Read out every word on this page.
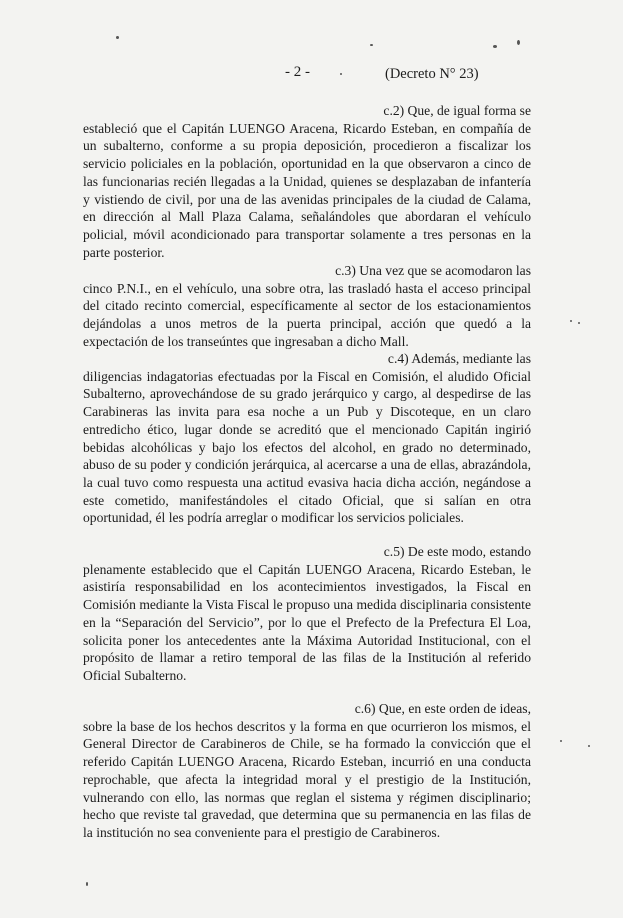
- 2 -	(Decreto N° 23)

c.2) Que, de igual forma se
estableció que el Capitán LUENGO Aracena, Ricardo Esteban, en compañía de un subalterno, conforme a su propia deposición, procedieron a fiscalizar los servicio policiales en la población, oportunidad en la que observaron a cinco de las funcionarias recién llegadas a la Unidad, quienes se desplazaban de infantería y vistiendo de civil, por una de las avenidas principales de la ciudad de Calama, en dirección al Mall Plaza Calama, señalándoles que abordaran el vehículo policial, móvil acondicionado para transportar solamente a tres personas en la parte posterior.

c.3) Una vez que se acomodaron las
cinco P.N.I., en el vehículo, una sobre otra, las trasladó hasta el acceso principal del citado recinto comercial, específicamente al sector de los estacionamientos dejándolas a unos metros de la puerta principal, acción que quedó a la expectación de los transeúntes que ingresaban a dicho Mall.

c.4) Además, mediante las
diligencias indagatorias efectuadas por la Fiscal en Comisión, el aludido Oficial Subalterno, aprovechándose de su grado jerárquico y cargo, al despedirse de las Carabineras las invita para esa noche a un Pub y Discoteque, en un claro entredicho ético, lugar donde se acreditó que el mencionado Capitán ingirió bebidas alcohólicas y bajo los efectos del alcohol, en grado no determinado, abuso de su poder y condición jerárquica, al acercarse a una de ellas, abrazándola, la cual tuvo como respuesta una actitud evasiva hacia dicha acción, negándose a este cometido, manifestándoles el citado Oficial, que si salían en otra oportunidad, él les podría arreglar o modificar los servicios policiales.

c.5) De este modo, estando
plenamente establecido que el Capitán LUENGO Aracena, Ricardo Esteban, le asistiría responsabilidad en los acontecimientos investigados, la Fiscal en Comisión mediante la Vista Fiscal le propuso una medida disciplinaria consistente en la “Separación del Servicio”, por lo que el Prefecto de la Prefectura El Loa, solicita poner los antecedentes ante la Máxima Autoridad Institucional, con el propósito de llamar a retiro temporal de las filas de la Institución al referido Oficial Subalterno.

c.6) Que, en este orden de ideas,
sobre la base de los hechos descritos y la forma en que ocurrieron los mismos, el General Director de Carabineros de Chile, se ha formado la convicción que el referido Capitán LUENGO Aracena, Ricardo Esteban, incurrió en una conducta reprochable, que afecta la integridad moral y el prestigio de la Institución, vulnerando con ello, las normas que reglan el sistema y régimen disciplinario; hecho que reviste tal gravedad, que determina que su permanencia en las filas de la institución no sea conveniente para el prestigio de Carabineros.
